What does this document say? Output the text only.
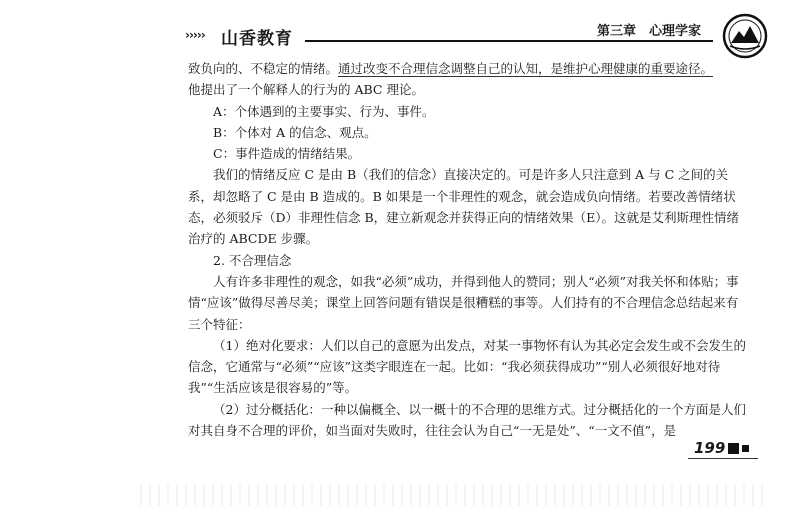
››››› 山香教育	第三章　心理学家

致负向的、不稳定的情绪。通过改变不合理信念调整自己的认知，是维护心理健康的重要途径。

他提出了一个解释人的行为的 ABC 理论。

A：个体遇到的主要事实、行为、事件。

B：个体对 A 的信念、观点。

C：事件造成的情绪结果。

我们的情绪反应 C 是由 B（我们的信念）直接决定的。可是许多人只注意到 A 与 C 之间的关系，却忽略了 C 是由 B 造成的。B 如果是一个非理性的观念，就会造成负向情绪。若要改善情绪状态，必须驳斥（D）非理性信念 B，建立新观念并获得正向的情绪效果（E）。这就是艾利斯理性情绪治疗的 ABCDE 步骤。

2. 不合理信念

人有许多非理性的观念，如我“必须”成功，并得到他人的赞同；别人“必须”对我关怀和体贴；事情“应该”做得尽善尽美；课堂上回答问题有错误是很糟糕的事等。人们持有的不合理信念总结起来有三个特征：

（1）绝对化要求：人们以自己的意愿为出发点，对某一事物怀有认为其必定会发生或不会发生的信念，它通常与“必须”“应该”这类字眼连在一起。比如：“我必须获得成功”“别人必须很好地对待我”“生活应该是很容易的”等。

（2）过分概括化：一种以偏概全、以一概十的不合理的思维方式。过分概括化的一个方面是人们对其自身不合理的评价，如当面对失败时，往往会认为自己“一无是处”、“一文不值”，是

199
